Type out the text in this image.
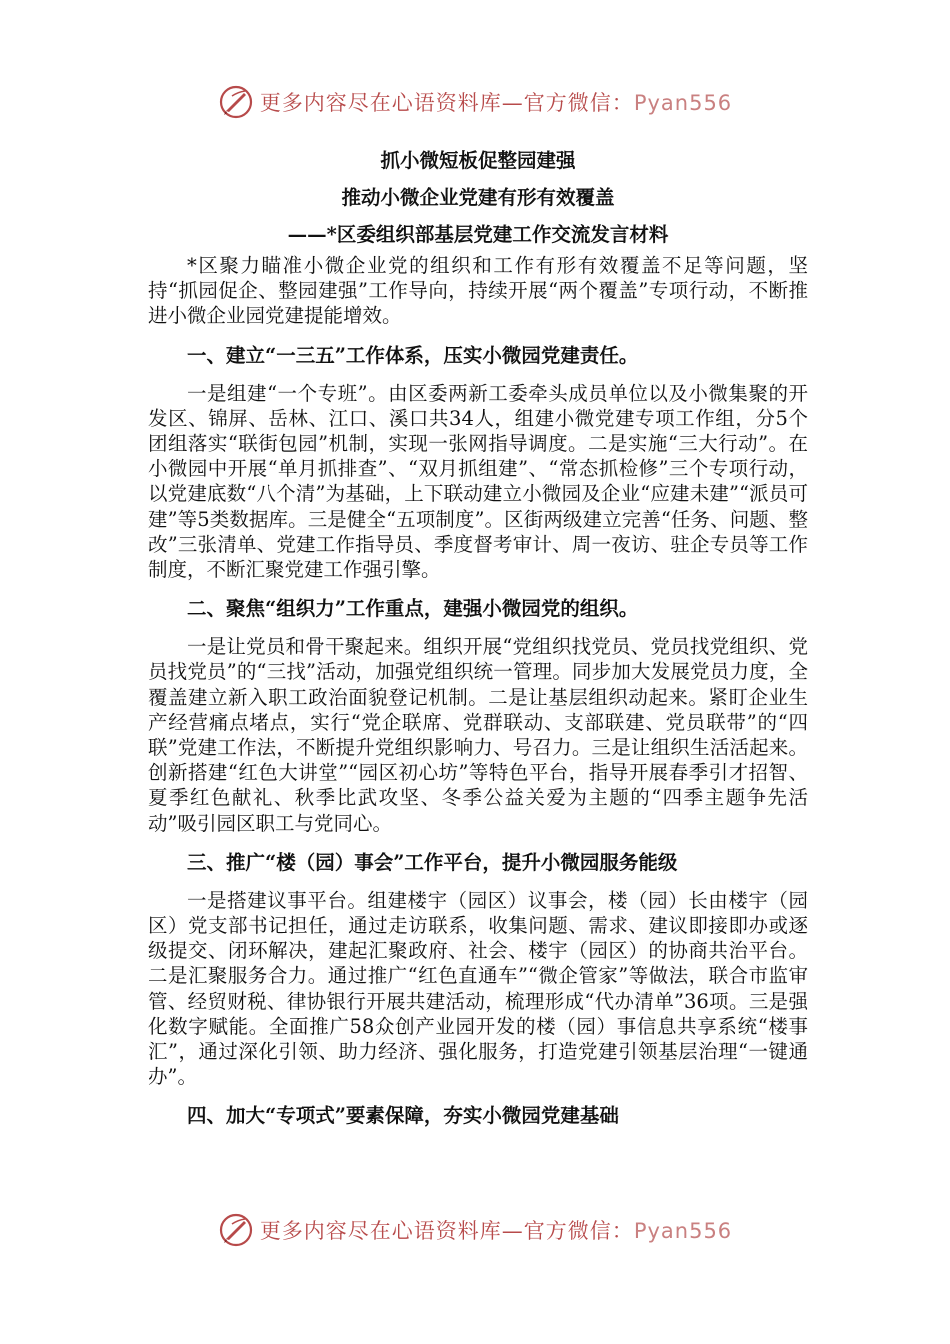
更多内容尽在心语资料库—官方微信：Pyan556
抓小微短板促整园建强
推动小微企业党建有形有效覆盖
——*区委组织部基层党建工作交流发言材料

*区聚力瞄准小微企业党的组织和工作有形有效覆盖不足等问题，坚持“抓园促企、整园建强”工作导向，持续开展“两个覆盖”专项行动，不断推进小微企业园党建提能增效。

一、建立“一三五”工作体系，压实小微园党建责任。

一是组建“一个专班”。由区委两新工委牵头成员单位以及小微集聚的开发区、锦屏、岳林、江口、溪口共34人，组建小微党建专项工作组，分5个团组落实“联街包园”机制，实现一张网指导调度。二是实施“三大行动”。在小微园中开展“单月抓排查”、“双月抓组建”、“常态抓检修”三个专项行动，以党建底数“八个清”为基础，上下联动建立小微园及企业“应建未建”“派员可建”等5类数据库。三是健全“五项制度”。区街两级建立完善“任务、问题、整改”三张清单、党建工作指导员、季度督考审计、周一夜访、驻企专员等工作制度，不断汇聚党建工作强引擎。

二、聚焦“组织力”工作重点，建强小微园党的组织。

一是让党员和骨干聚起来。组织开展“党组织找党员、党员找党组织、党员找党员”的“三找”活动，加强党组织统一管理。同步加大发展党员力度，全覆盖建立新入职工政治面貌登记机制。二是让基层组织动起来。紧盯企业生产经营痛点堵点，实行“党企联席、党群联动、支部联建、党员联带”的“四联”党建工作法，不断提升党组织影响力、号召力。三是让组织生活活起来。创新搭建“红色大讲堂”“园区初心坊”等特色平台，指导开展春季引才招智、夏季红色献礼、秋季比武攻坚、冬季公益关爱为主题的“四季主题争先活动”吸引园区职工与党同心。

三、推广“楼（园）事会”工作平台，提升小微园服务能级

一是搭建议事平台。组建楼宇（园区）议事会，楼（园）长由楼宇（园区）党支部书记担任，通过走访联系，收集问题、需求、建议即接即办或逐级提交、闭环解决，建起汇聚政府、社会、楼宇（园区）的协商共治平台。二是汇聚服务合力。通过推广“红色直通车”“微企管家”等做法，联合市监审管、经贸财税、律协银行开展共建活动，梳理形成“代办清单”36项。三是强化数字赋能。全面推广58众创产业园开发的楼（园）事信息共享系统“楼事汇”，通过深化引领、助力经济、强化服务，打造党建引领基层治理“一键通办”。

四、加大“专项式”要素保障，夯实小微园党建基础
更多内容尽在心语资料库—官方微信：Pyan556
